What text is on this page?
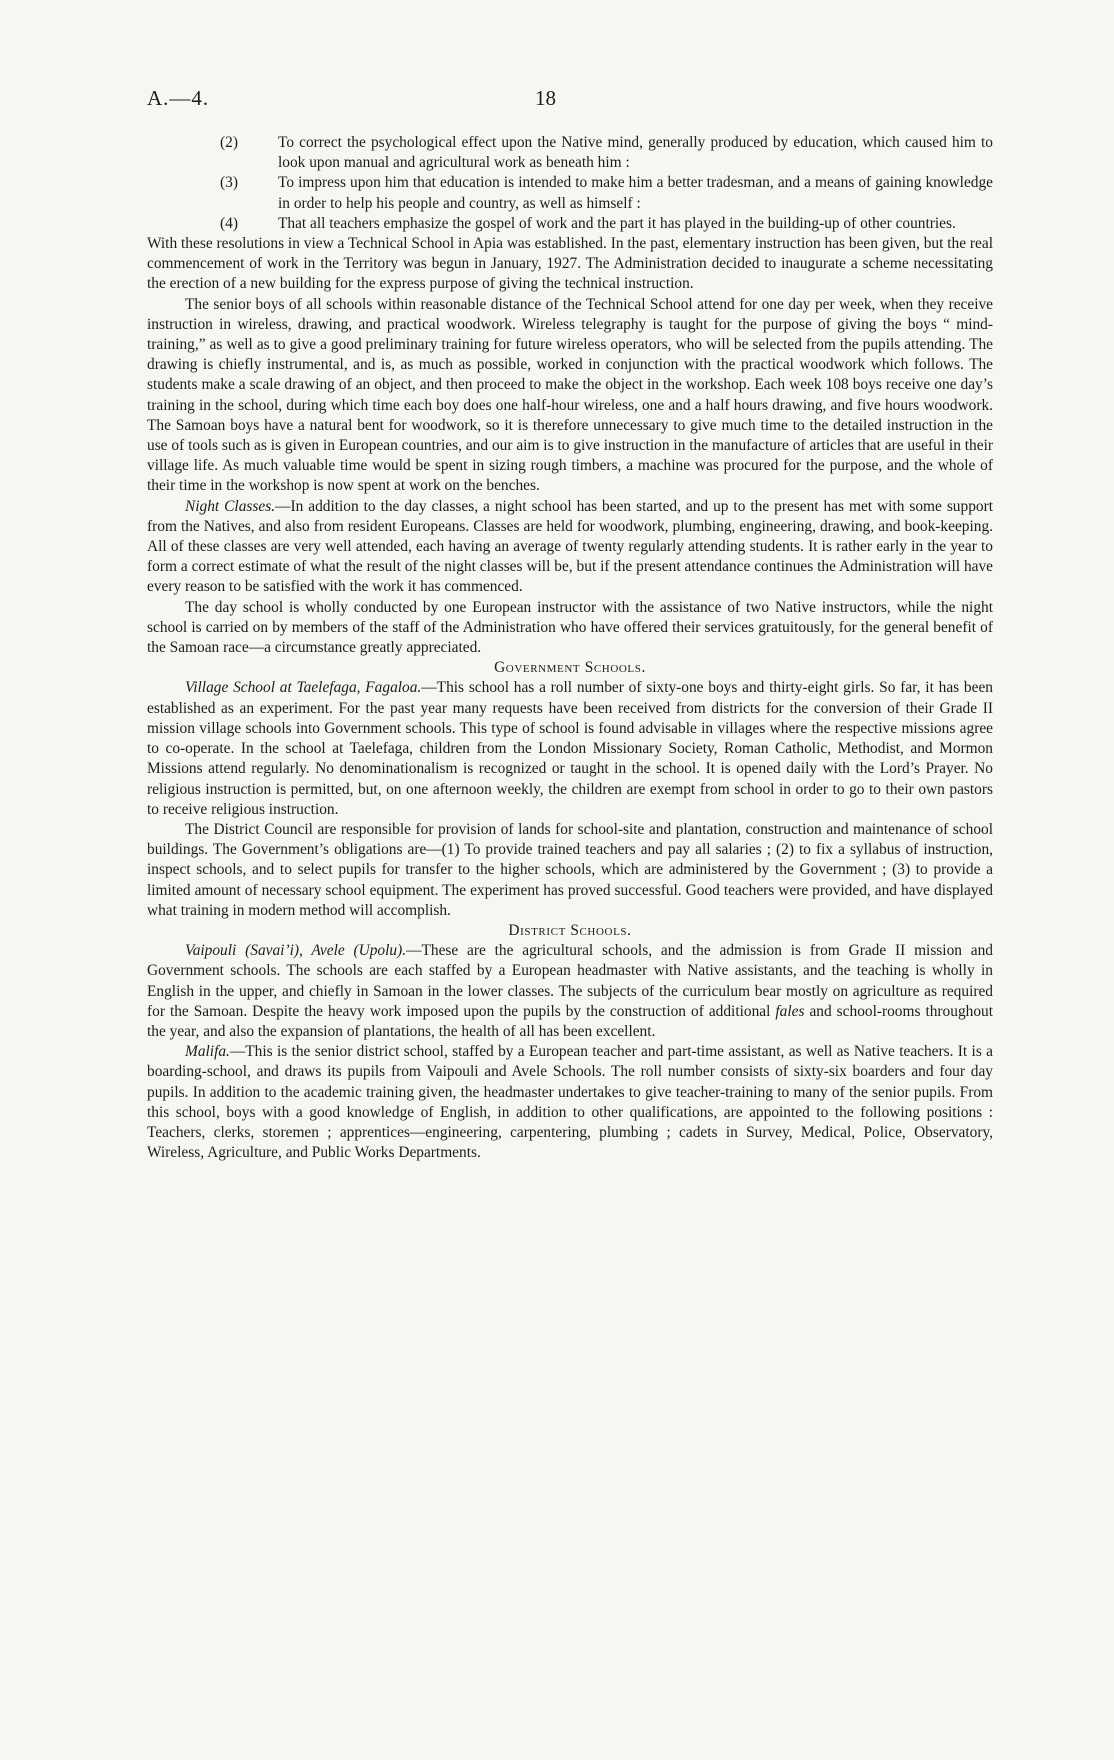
A.—4.	18

(2)	To correct the psychological effect upon the Native mind, generally produced by education, which caused him to look upon manual and agricultural work as beneath him :

(3)	To impress upon him that education is intended to make him a better tradesman, and a means of gaining knowledge in order to help his people and country, as well as himself :

(4)	That all teachers emphasize the gospel of work and the part it has played in the building-up of other countries.

With these resolutions in view a Technical School in Apia was established. In the past, elementary instruction has been given, but the real commencement of work in the Territory was begun in January, 1927. The Administration decided to inaugurate a scheme necessitating the erection of a new building for the express purpose of giving the technical instruction.

The senior boys of all schools within reasonable distance of the Technical School attend for one day per week, when they receive instruction in wireless, drawing, and practical woodwork. Wireless telegraphy is taught for the purpose of giving the boys “ mind-training,” as well as to give a good preliminary training for future wireless operators, who will be selected from the pupils attending. The drawing is chiefly instrumental, and is, as much as possible, worked in conjunction with the practical woodwork which follows. The students make a scale drawing of an object, and then proceed to make the object in the workshop. Each week 108 boys receive one day’s training in the school, during which time each boy does one half-hour wireless, one and a half hours drawing, and five hours woodwork. The Samoan boys have a natural bent for woodwork, so it is therefore unnecessary to give much time to the detailed instruction in the use of tools such as is given in European countries, and our aim is to give instruction in the manufacture of articles that are useful in their village life. As much valuable time would be spent in sizing rough timbers, a machine was procured for the purpose, and the whole of their time in the workshop is now spent at work on the benches.

Night Classes.—In addition to the day classes, a night school has been started, and up to the present has met with some support from the Natives, and also from resident Europeans. Classes are held for woodwork, plumbing, engineering, drawing, and book-keeping. All of these classes are very well attended, each having an average of twenty regularly attending students. It is rather early in the year to form a correct estimate of what the result of the night classes will be, but if the present attendance continues the Administration will have every reason to be satisfied with the work it has commenced.

The day school is wholly conducted by one European instructor with the assistance of two Native instructors, while the night school is carried on by members of the staff of the Administration who have offered their services gratuitously, for the general benefit of the Samoan race—a circumstance greatly appreciated.

Government Schools.

Village School at Taelefaga, Fagaloa.—This school has a roll number of sixty-one boys and thirty-eight girls. So far, it has been established as an experiment. For the past year many requests have been received from districts for the conversion of their Grade II mission village schools into Government schools. This type of school is found advisable in villages where the respective missions agree to co-operate. In the school at Taelefaga, children from the London Missionary Society, Roman Catholic, Methodist, and Mormon Missions attend regularly. No denominationalism is recognized or taught in the school. It is opened daily with the Lord’s Prayer. No religious instruction is permitted, but, on one afternoon weekly, the children are exempt from school in order to go to their own pastors to receive religious instruction.

The District Council are responsible for provision of lands for school-site and plantation, construction and maintenance of school buildings. The Government’s obligations are—(1) To provide trained teachers and pay all salaries ; (2) to fix a syllabus of instruction, inspect schools, and to select pupils for transfer to the higher schools, which are administered by the Government ; (3) to provide a limited amount of necessary school equipment. The experiment has proved successful. Good teachers were provided, and have displayed what training in modern method will accomplish.

District Schools.

Vaipouli (Savai’i), Avele (Upolu).—These are the agricultural schools, and the admission is from Grade II mission and Government schools. The schools are each staffed by a European headmaster with Native assistants, and the teaching is wholly in English in the upper, and chiefly in Samoan in the lower classes. The subjects of the curriculum bear mostly on agriculture as required for the Samoan. Despite the heavy work imposed upon the pupils by the construction of additional fales and school-rooms throughout the year, and also the expansion of plantations, the health of all has been excellent.

Malifa.—This is the senior district school, staffed by a European teacher and part-time assistant, as well as Native teachers. It is a boarding-school, and draws its pupils from Vaipouli and Avele Schools. The roll number consists of sixty-six boarders and four day pupils. In addition to the academic training given, the headmaster undertakes to give teacher-training to many of the senior pupils. From this school, boys with a good knowledge of English, in addition to other qualifications, are appointed to the following positions : Teachers, clerks, storemen ; apprentices—engineering, carpentering, plumbing ; cadets in Survey, Medical, Police, Observatory, Wireless, Agriculture, and Public Works Departments.
